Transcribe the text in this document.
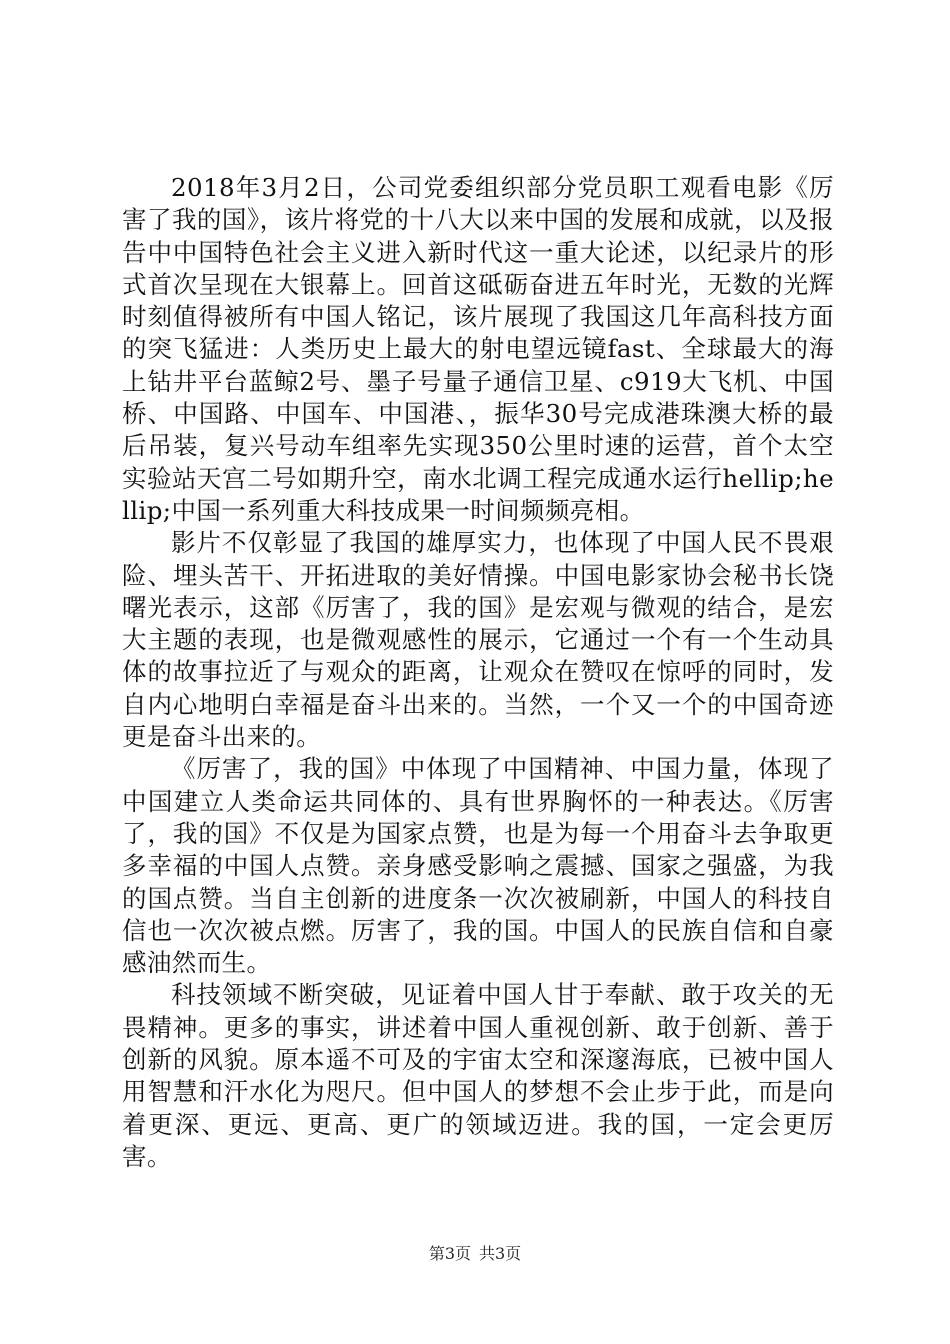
2018年3月2日，公司党委组织部分党员职工观看电影《厉害了我的国》，该片将党的十八大以来中国的发展和成就，以及报告中中国特色社会主义进入新时代这一重大论述，以纪录片的形式首次呈现在大银幕上。回首这砥砺奋进五年时光，无数的光辉时刻值得被所有中国人铭记，该片展现了我国这几年高科技方面的突飞猛进：人类历史上最大的射电望远镜fast、全球最大的海上钻井平台蓝鲸2号、墨子号量子通信卫星、c919大飞机、中国桥、中国路、中国车、中国港、，振华30号完成港珠澳大桥的最后吊装，复兴号动车组率先实现350公里时速的运营，首个太空实验站天宫二号如期升空，南水北调工程完成通水运行hellip;hellip;中国一系列重大科技成果一时间频频亮相。

影片不仅彰显了我国的雄厚实力，也体现了中国人民不畏艰险、埋头苦干、开拓进取的美好情操。中国电影家协会秘书长饶曙光表示，这部《厉害了，我的国》是宏观与微观的结合，是宏大主题的表现，也是微观感性的展示，它通过一个有一个生动具体的故事拉近了与观众的距离，让观众在赞叹在惊呼的同时，发自内心地明白幸福是奋斗出来的。当然，一个又一个的中国奇迹更是奋斗出来的。

《厉害了，我的国》中体现了中国精神、中国力量，体现了中国建立人类命运共同体的、具有世界胸怀的一种表达。《厉害了，我的国》不仅是为国家点赞，也是为每一个用奋斗去争取更多幸福的中国人点赞。亲身感受影响之震撼、国家之强盛，为我的国点赞。当自主创新的进度条一次次被刷新，中国人的科技自信也一次次被点燃。厉害了，我的国。中国人的民族自信和自豪感油然而生。

科技领域不断突破，见证着中国人甘于奉献、敢于攻关的无畏精神。更多的事实，讲述着中国人重视创新、敢于创新、善于创新的风貌。原本遥不可及的宇宙太空和深邃海底，已被中国人用智慧和汗水化为咫尺。但中国人的梦想不会止步于此，而是向着更深、更远、更高、更广的领域迈进。我的国，一定会更厉害。

第3页 共3页
